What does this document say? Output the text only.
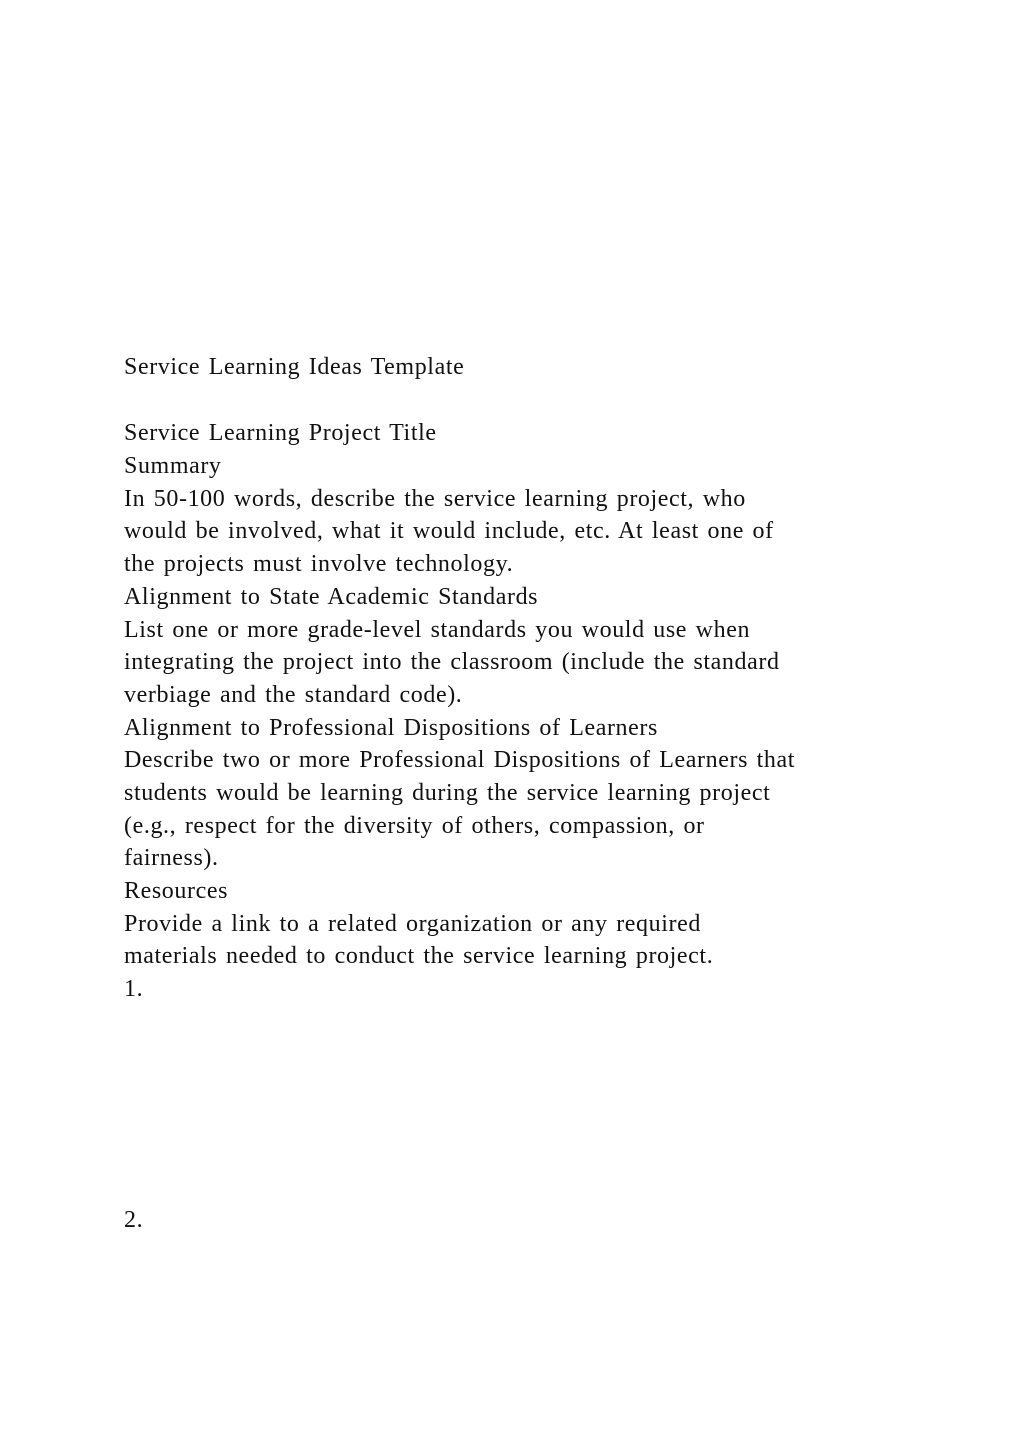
Service Learning Ideas Template
Service Learning Project Title
Summary
In 50-100 words, describe the service learning project, who
would be involved, what it would include, etc. At least one of
the projects must involve technology.
Alignment to State Academic Standards
List one or more grade-level standards you would use when
integrating the project into the classroom (include the standard
verbiage and the standard code).
Alignment to Professional Dispositions of Learners
Describe two or more Professional Dispositions of Learners that
students would be learning during the service learning project
(e.g., respect for the diversity of others, compassion, or
fairness).
Resources
Provide a link to a related organization or any required
materials needed to conduct the service learning project.
1.
2.
